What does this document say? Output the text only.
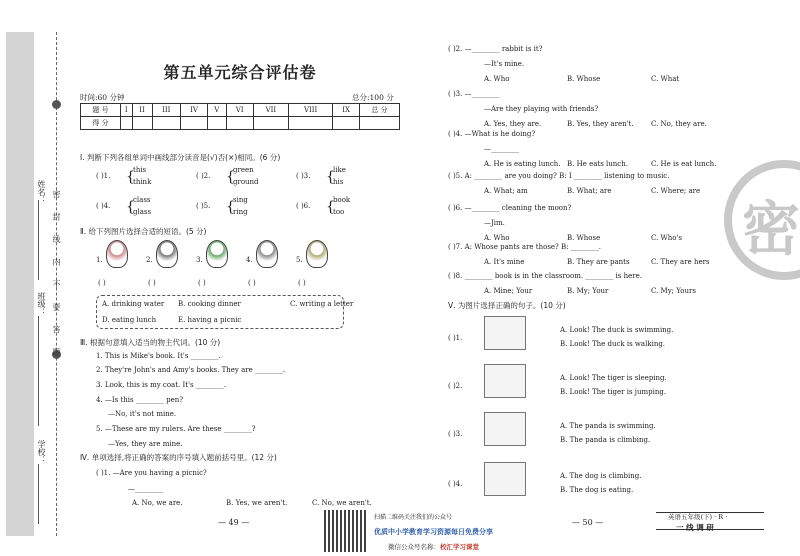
姓名：
班级：
学校：
密 封 线 内 不 要 答 题
第五单元综合评估卷
时间:60 分钟	总分:100 分
题 号	I	II	III	IV	V	VI	VII	VIII	IX	总 分
得 分										
Ⅰ. 判断下列各组单词中画线部分读音是(√)否(×)相同。(6 分)
( )1. {
this
think
( )2. {
green
ground
( )3. {
like
his
( )4. {
class
glass
( )5. {
sing
ring
( )6. {
book
too
Ⅱ. 给下列图片选择合适的短语。(5 分)
1.
( )
2.
( )
3.
( )
4.
( )
5.
( )
A. drinking water B. cooking dinner	C. writing a letter
D. eating lunch	E. having a picnic
Ⅲ. 根据句意填入适当的物主代词。(10 分)
1. This is Mike's book. It's ________.
2. They're John's and Amy's books. They are ________.
3. Look, this is my coat. It's ________.
4. —Is this ________ pen?
—No, it's not mine.
5. —These are my rulers. Are these ________?
—Yes, they are mine.
Ⅳ. 单项选择,将正确的答案的序号填入题前括号里。(12 分)
( )1. —Are you having a picnic?
—________
A. No, we are.	B. Yes, we aren't.	C. No, we aren't.
( )2. —________ rabbit is it?
—It's mine.
A. Who	B. Whose	C. What
( )3. —________
—Are they playing with friends?
A. Yes, they are.	B. Yes, they aren't. C. No, they are.
( )4. —What is he doing?
—________
A. He is eating lunch. B. He eats lunch.	C. He is eat lunch.
( )5. A: ________ are you doing? B: I ________ listening to music.
A. What; am	B. What; are	C. Where; are
( )6. —________ cleaning the moon?
—Jim.
A. Who	B. Whose	C. Who's
( )7. A: Whose pants are those? B: ________.
A. It's mine	B. They are pants	C. They are hers
( )8. ________ book is in the classroom. ________ is here.
A. Mine; Your	B. My; Your	C. My; Yours
Ⅴ. 为图片选择正确的句子。(10 分)
( )1.
A. Look! The duck is swimming.
B. Look! The duck is walking.
( )2.
A. Look! The tiger is sleeping.
B. Look! The tiger is jumping.
( )3.
A. The panda is swimming.
B. The panda is climbing.
( )4.
A. The dog is climbing.
B. The dog is eating.
密
— 49 —	— 50 —
扫描二维码关注我们的公众号
优质中小学教育学习资源每日免费分享
微信公众号名称：校汇学习课堂
英语五年级(下) · R ·
一 线 调 研
